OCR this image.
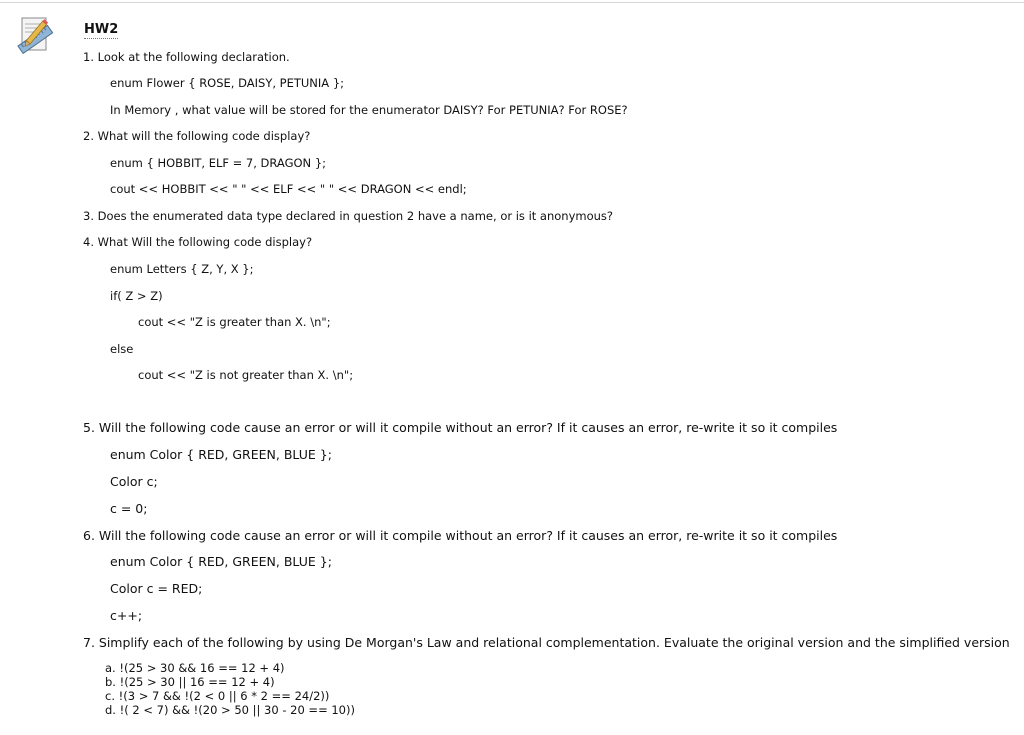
HW2
1. Look at the following declaration.
enum Flower { ROSE, DAISY, PETUNIA };
In Memory , what value will be stored for the enumerator DAISY? For PETUNIA? For ROSE?
2. What will the following code display?
enum { HOBBIT, ELF = 7, DRAGON };
cout << HOBBIT << " " << ELF << " " << DRAGON << endl;
3. Does the enumerated data type declared in question 2 have a name, or is it anonymous?
4. What Will the following code display?
enum Letters { Z, Y, X };
if( Z > Z)
cout << "Z is greater than X. \n";
else
cout << "Z is not greater than X. \n";
5. Will the following code cause an error or will it compile without an error? If it causes an error, re-write it so it compiles
enum Color { RED, GREEN, BLUE };
Color c;
c = 0;
6. Will the following code cause an error or will it compile without an error? If it causes an error, re-write it so it compiles
enum Color { RED, GREEN, BLUE };
Color c = RED;
c++;
7. Simplify each of the following by using De Morgan's Law and relational complementation. Evaluate the original version and the simplified version
a. !(25 > 30 && 16 == 12 + 4)
b. !(25 > 30 || 16 == 12 + 4)
c. !(3 > 7 && !(2 < 0 || 6 * 2 == 24/2))
d. !( 2 < 7) && !(20 > 50 || 30 - 20 == 10))
